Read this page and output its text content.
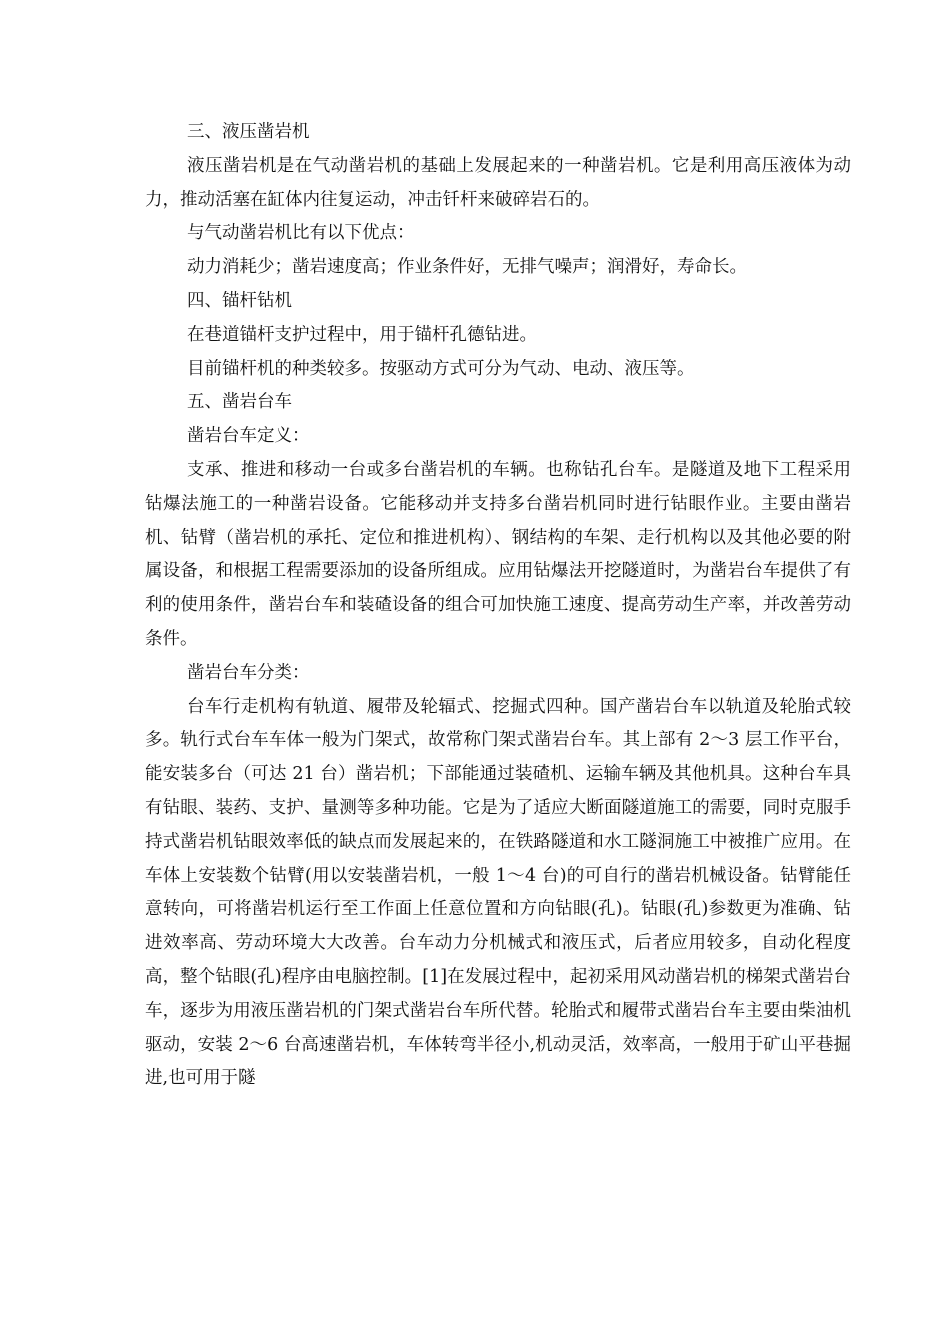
三、液压凿岩机

液压凿岩机是在气动凿岩机的基础上发展起来的一种凿岩机。它是利用高压液体为动力，推动活塞在缸体内往复运动，冲击钎杆来破碎岩石的。

与气动凿岩机比有以下优点：

动力消耗少；凿岩速度高；作业条件好，无排气噪声；润滑好，寿命长。

四、锚杆钻机

在巷道锚杆支护过程中，用于锚杆孔德钻进。

目前锚杆机的种类较多。按驱动方式可分为气动、电动、液压等。

五、凿岩台车

凿岩台车定义：

支承、推进和移动一台或多台凿岩机的车辆。也称钻孔台车。是隧道及地下工程采用钻爆法施工的一种凿岩设备。它能移动并支持多台凿岩机同时进行钻眼作业。主要由凿岩机、钻臂（凿岩机的承托、定位和推进机构）、钢结构的车架、走行机构以及其他必要的附属设备，和根据工程需要添加的设备所组成。应用钻爆法开挖隧道时，为凿岩台车提供了有利的使用条件，凿岩台车和装碴设备的组合可加快施工速度、提高劳动生产率，并改善劳动条件。

凿岩台车分类：

台车行走机构有轨道、履带及轮辐式、挖掘式四种。国产凿岩台车以轨道及轮胎式较多。轨行式台车车体一般为门架式，故常称门架式凿岩台车。其上部有 2～3 层工作平台，能安装多台（可达 21 台）凿岩机；下部能通过装碴机、运输车辆及其他机具。这种台车具有钻眼、装药、支护、量测等多种功能。它是为了适应大断面隧道施工的需要，同时克服手持式凿岩机钻眼效率低的缺点而发展起来的，在铁路隧道和水工隧洞施工中被推广应用。在车体上安装数个钻臂(用以安装凿岩机，一般 1～4 台)的可自行的凿岩机械设备。钻臂能任意转向，可将凿岩机运行至工作面上任意位置和方向钻眼(孔)。钻眼(孔)参数更为准确、钻进效率高、劳动环境大大改善。台车动力分机械式和液压式，后者应用较多，自动化程度高，整个钻眼(孔)程序由电脑控制。[1]在发展过程中，起初采用风动凿岩机的梯架式凿岩台车，逐步为用液压凿岩机的门架式凿岩台车所代替。轮胎式和履带式凿岩台车主要由柴油机驱动，安装 2～6 台高速凿岩机，车体转弯半径小,机动灵活，效率高，一般用于矿山平巷掘进,也可用于隧
